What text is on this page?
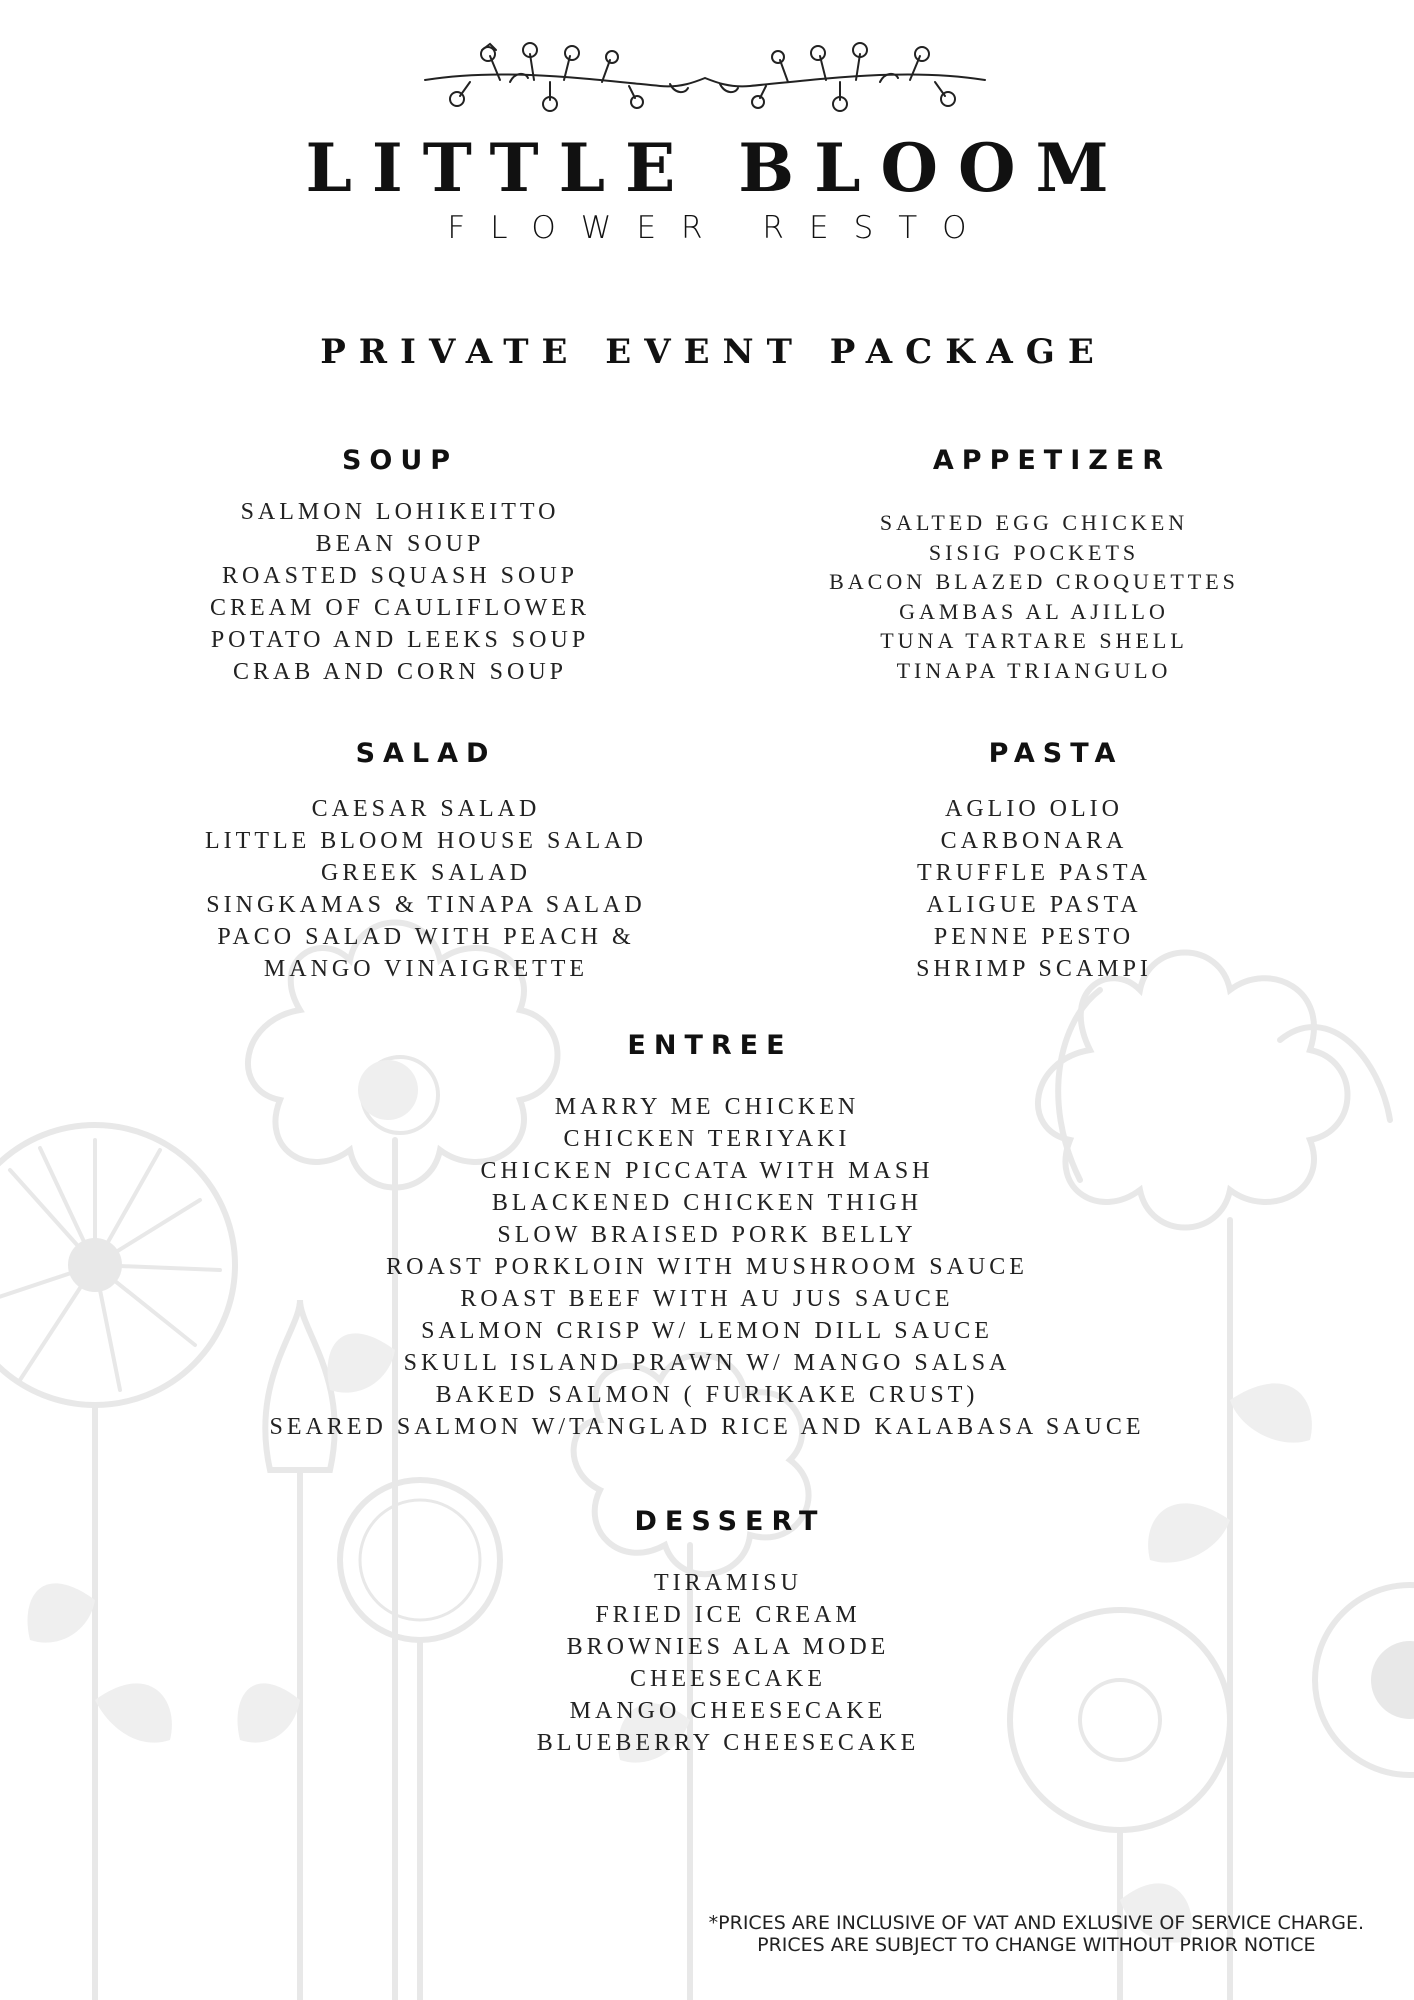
LITTLE BLOOM
FLOWER RESTO
PRIVATE EVENT PACKAGE
SOUP
SALMON LOHIKEITTO
BEAN SOUP
ROASTED SQUASH SOUP
CREAM OF CAULIFLOWER
POTATO AND LEEKS SOUP
CRAB AND CORN SOUP
APPETIZER
SALTED EGG CHICKEN
SISIG POCKETS
BACON BLAZED CROQUETTES
GAMBAS AL AJILLO
TUNA TARTARE SHELL
TINAPA TRIANGULO
SALAD
CAESAR SALAD
LITTLE BLOOM HOUSE SALAD
GREEK SALAD
SINGKAMAS & TINAPA SALAD
PACO SALAD WITH PEACH &
MANGO VINAIGRETTE
PASTA
AGLIO OLIO
CARBONARA
TRUFFLE PASTA
ALIGUE PASTA
PENNE PESTO
SHRIMP SCAMPI
ENTREE
MARRY ME CHICKEN
CHICKEN TERIYAKI
CHICKEN PICCATA WITH MASH
BLACKENED CHICKEN THIGH
SLOW BRAISED PORK BELLY
ROAST PORKLOIN WITH MUSHROOM SAUCE
ROAST BEEF WITH AU JUS SAUCE
SALMON CRISP W/ LEMON DILL SAUCE
SKULL ISLAND PRAWN W/ MANGO SALSA
BAKED SALMON ( FURIKAKE CRUST)
SEARED SALMON W/TANGLAD RICE AND KALABASA SAUCE
DESSERT
TIRAMISU
FRIED ICE CREAM
BROWNIES ALA MODE
CHEESECAKE
MANGO CHEESECAKE
BLUEBERRY CHEESECAKE
*PRICES ARE INCLUSIVE OF VAT AND EXLUSIVE OF SERVICE CHARGE.
PRICES ARE SUBJECT TO CHANGE WITHOUT PRIOR NOTICE
